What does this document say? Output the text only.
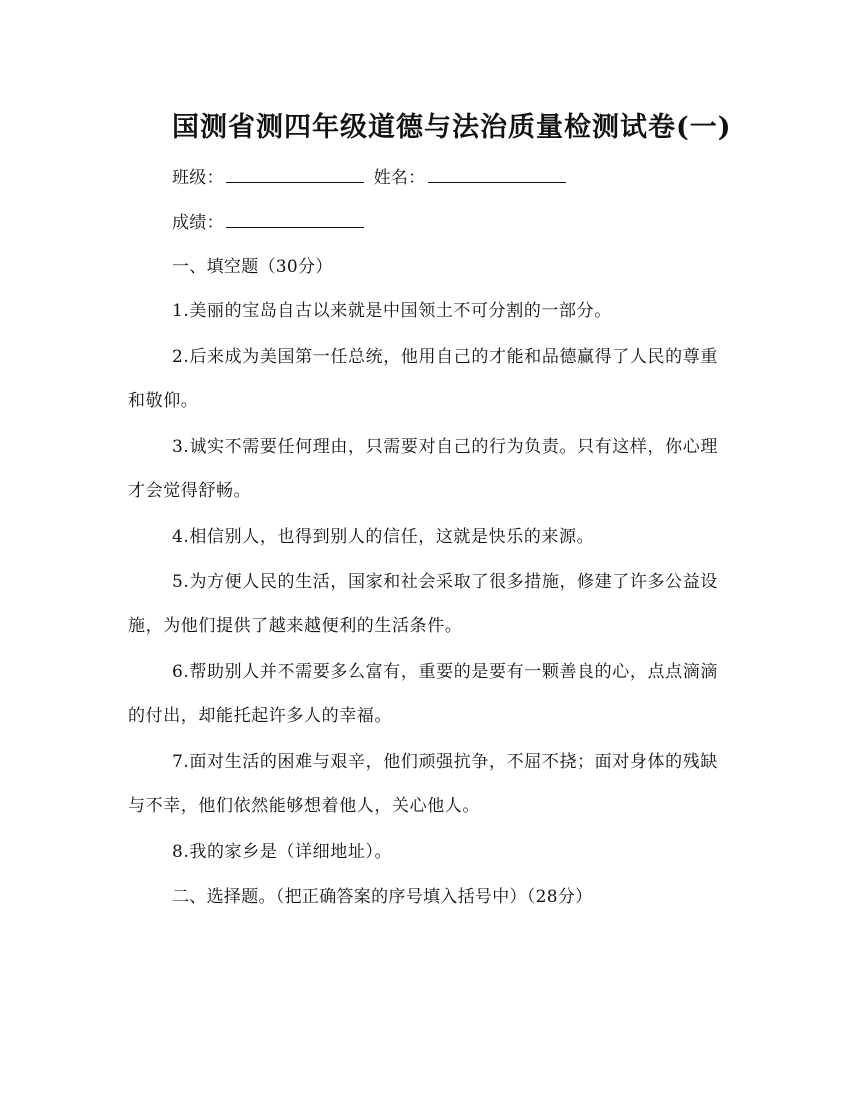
国测省测四年级道德与法治质量检测试卷(一)
班级：	姓名：
成绩：
一、填空题（30分）

1.美丽的宝岛自古以来就是中国领土不可分割的一部分。

2.后来成为美国第一任总统，他用自己的才能和品德赢得了人民的尊重和敬仰。

3.诚实不需要任何理由，只需要对自己的行为负责。只有这样，你心理才会觉得舒畅。

4.相信别人，也得到别人的信任，这就是快乐的来源。

5.为方便人民的生活，国家和社会采取了很多措施，修建了许多公益设施，为他们提供了越来越便利的生活条件。

6.帮助别人并不需要多么富有，重要的是要有一颗善良的心，点点滴滴的付出，却能托起许多人的幸福。

7.面对生活的困难与艰辛，他们顽强抗争，不屈不挠；面对身体的残缺与不幸，他们依然能够想着他人，关心他人。

8.我的家乡是（详细地址）。

二、选择题。（把正确答案的序号填入括号中）（28分）
